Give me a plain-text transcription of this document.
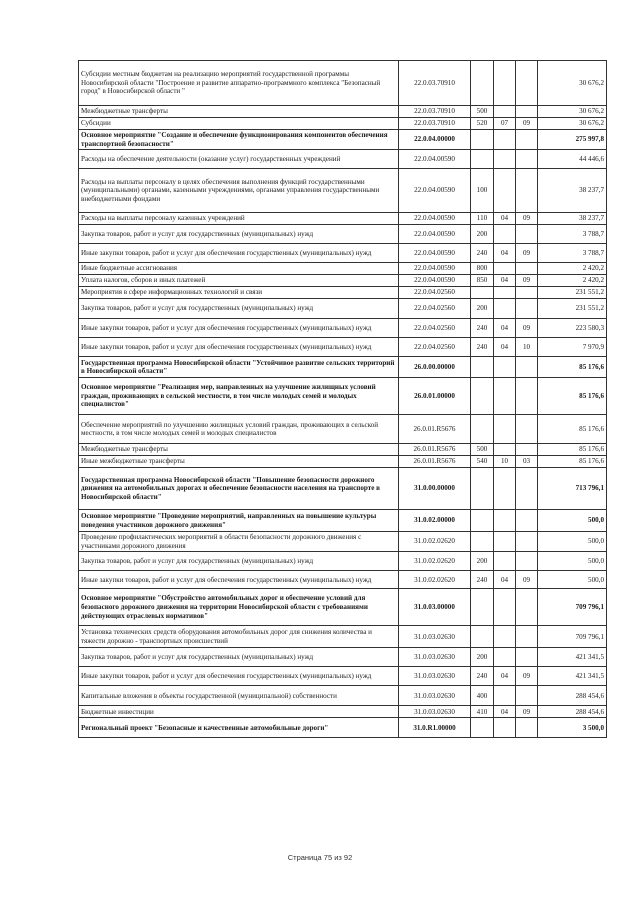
Субсидии местным бюджетам на реализацию мероприятий государственной программы Новосибирской области "Построение и развитие аппаратно-программного комплекса "Безопасный город" в Новосибирской области "	22.0.03.70910				30 676,2
Межбюджетные трансферты	22.0.03.70910	500			30 676,2
Субсидии	22.0.03.70910	520	07	09	30 676,2
Основное мероприятие "Создание и обеспечение функционирования компонентов обеспечения транспортной безопасности"	22.0.04.00000				275 997,8
Расходы на обеспечение деятельности (оказание услуг) государственных учреждений	22.0.04.00590				44 446,6
Расходы на выплаты персоналу в целях обеспечения выполнения функций государственными (муниципальными) органами, казенными учреждениями, органами управления государственными внебюджетными фондами	22.0.04.00590	100			38 237,7
Расходы на выплаты персоналу казенных учреждений	22.0.04.00590	110	04	09	38 237,7
Закупка товаров, работ и услуг для государственных (муниципальных) нужд	22.0.04.00590	200			3 788,7
Иные закупки товаров, работ и услуг для обеспечения государственных (муниципальных) нужд	22.0.04.00590	240	04	09	3 788,7
Иные бюджетные ассигнования	22.0.04.00590	800			2 420,2
Уплата налогов, сборов и иных платежей	22.0.04.00590	850	04	09	2 420,2
Мероприятия в сфере информационных технологий и связи	22.0.04.02560				231 551,2
Закупка товаров, работ и услуг для государственных (муниципальных) нужд	22.0.04.02560	200			231 551,2
Иные закупки товаров, работ и услуг для обеспечения государственных (муниципальных) нужд	22.0.04.02560	240	04	09	223 580,3
Иные закупки товаров, работ и услуг для обеспечения государственных (муниципальных) нужд	22.0.04.02560	240	04	10	7 970,9
Государственная программа Новосибирской области "Устойчивое развитие сельских территорий в Новосибирской области"	26.0.00.00000				85 176,6
Основное мероприятие "Реализация мер, направленных на улучшение жилищных условий граждан, проживающих в сельской местности, в том числе молодых семей и молодых специалистов"	26.0.01.00000				85 176,6
Обеспечение мероприятий по улучшению жилищных условий граждан, проживающих в сельской местности, в том числе молодых семей и молодых специалистов	26.0.01.R5676				85 176,6
Межбюджетные трансферты	26.0.01.R5676	500			85 176,6
Иные межбюджетные трансферты	26.0.01.R5676	540	10	03	85 176,6
Государственная программа Новосибирской области "Повышение безопасности дорожного движения на автомобильных дорогах и обеспечение безопасности населения на транспорте в Новосибирской области"	31.0.00.00000				713 796,1
Основное мероприятие "Проведение мероприятий, направленных на повышение культуры поведения участников дорожного движения"	31.0.02.00000				500,0
Проведение профилактических мероприятий в области безопасности дорожного движения с участниками дорожного движения	31.0.02.02620				500,0
Закупка товаров, работ и услуг для государственных (муниципальных) нужд	31.0.02.02620	200			500,0
Иные закупки товаров, работ и услуг для обеспечения государственных (муниципальных) нужд	31.0.02.02620	240	04	09	500,0
Основное мероприятие "Обустройство автомобильных дорог и обеспечение условий для безопасного дорожного движения на территории Новосибирской области с требованиями действующих отраслевых нормативов"	31.0.03.00000				709 796,1
Установка технических средств оборудования автомобильных дорог для снижения количества и тяжести дорожно - транспортных происшествий	31.0.03.02630				709 796,1
Закупка товаров, работ и услуг для государственных (муниципальных) нужд	31.0.03.02630	200			421 341,5
Иные закупки товаров, работ и услуг для обеспечения государственных (муниципальных) нужд	31.0.03.02630	240	04	09	421 341,5
Капитальные вложения в объекты государственной (муниципальной) собственности	31.0.03.02630	400			288 454,6
Бюджетные инвестиции	31.0.03.02630	410	04	09	288 454,6
Региональный проект "Безопасные и качественные автомобильные дороги"	31.0.R1.00000				3 500,0
Страница 75 из 92
